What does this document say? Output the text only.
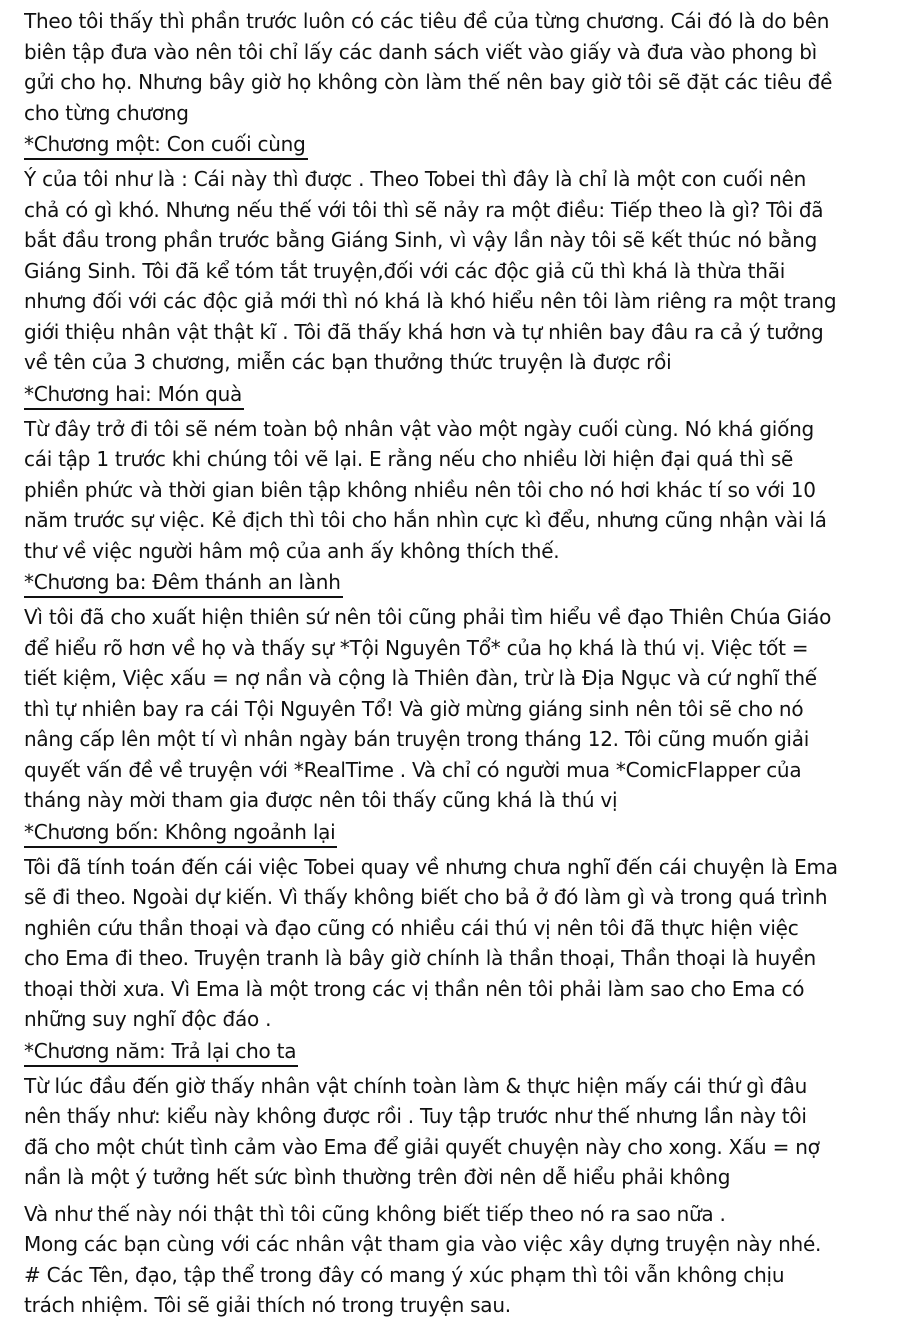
Theo tôi thấy thì phần trước luôn có các tiêu đề của từng chương. Cái đó là do bên
biên tập đưa vào nên tôi chỉ lấy các danh sách viết vào giấy và đưa vào phong bì
gửi cho họ. Nhưng bây giờ họ không còn làm thế nên bay giờ tôi sẽ đặt các tiêu đề
cho từng chương
*Chương một: Con cuối cùng
Ý của tôi như là : Cái này thì được . Theo Tobei thì đây là chỉ là một con cuối nên
chả có gì khó. Nhưng nếu thế với tôi thì sẽ nảy ra một điều: Tiếp theo là gì? Tôi đã
bắt đầu trong phần trước bằng Giáng Sinh, vì vậy lần này tôi sẽ kết thúc nó bằng
Giáng Sinh. Tôi đã kể tóm tắt truyện,đối với các độc giả cũ thì khá là thừa thãi
nhưng đối với các độc giả mới thì nó khá là khó hiểu nên tôi làm riêng ra một trang
giới thiệu nhân vật thật kĩ . Tôi đã thấy khá hơn và tự nhiên bay đâu ra cả ý tưởng
về tên của 3 chương, miễn các bạn thưởng thức truyện là được rồi
*Chương hai: Món quà
Từ đây trở đi tôi sẽ ném toàn bộ nhân vật vào một ngày cuối cùng. Nó khá giống
cái tập 1 trước khi chúng tôi vẽ lại. E rằng nếu cho nhiều lời hiện đại quá thì sẽ
phiền phức và thời gian biên tập không nhiều nên tôi cho nó hơi khác tí so với 10
năm trước sự việc. Kẻ địch thì tôi cho hắn nhìn cực kì đểu, nhưng cũng nhận vài lá
thư về việc người hâm mộ của anh ấy không thích thế.
*Chương ba: Đêm thánh an lành
Vì tôi đã cho xuất hiện thiên sứ nên tôi cũng phải tìm hiểu về đạo Thiên Chúa Giáo
để hiểu rõ hơn về họ và thấy sự *Tội Nguyên Tổ* của họ khá là thú vị. Việc tốt =
tiết kiệm, Việc xấu = nợ nần và cộng là Thiên đàn, trừ là Địa Ngục và cứ nghĩ thế
thì tự nhiên bay ra cái Tội Nguyên Tổ! Và giờ mừng giáng sinh nên tôi sẽ cho nó
nâng cấp lên một tí vì nhân ngày bán truyện trong tháng 12. Tôi cũng muốn giải
quyết vấn đề về truyện với *RealTime . Và chỉ có người mua *ComicFlapper của
tháng này mời tham gia được nên tôi thấy cũng khá là thú vị
*Chương bốn: Không ngoảnh lại
Tôi đã tính toán đến cái việc Tobei quay về nhưng chưa nghĩ đến cái chuyện là Ema
sẽ đi theo. Ngoài dự kiến. Vì thấy không biết cho bả ở đó làm gì và trong quá trình
nghiên cứu thần thoại và đạo cũng có nhiều cái thú vị nên tôi đã thực hiện việc
cho Ema đi theo. Truyện tranh là bây giờ chính là thần thoại, Thần thoại là huyền
thoại thời xưa. Vì Ema là một trong các vị thần nên tôi phải làm sao cho Ema có
những suy nghĩ độc đáo .
*Chương năm: Trả lại cho ta
Từ lúc đầu đến giờ thấy nhân vật chính toàn làm & thực hiện mấy cái thứ gì đâu
nên thấy như: kiểu này không được rồi . Tuy tập trước như thế nhưng lần này tôi
đã cho một chút tình cảm vào Ema để giải quyết chuyện này cho xong. Xấu = nợ
nần là một ý tưởng hết sức bình thường trên đời nên dễ hiểu phải không
Và như thế này nói thật thì tôi cũng không biết tiếp theo nó ra sao nữa .
Mong các bạn cùng với các nhân vật tham gia vào việc xây dựng truyện này nhé.
# Các Tên, đạo, tập thể trong đây có mang ý xúc phạm thì tôi vẫn không chịu
trách nhiệm. Tôi sẽ giải thích nó trong truyện sau.
